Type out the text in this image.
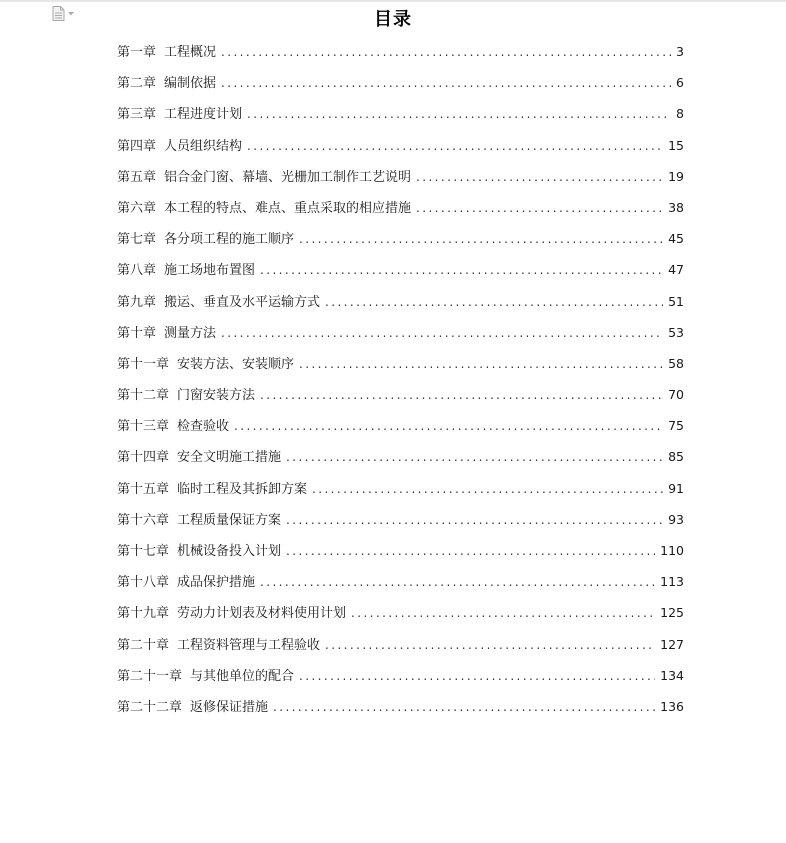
目录
第一章 工程概况 .....	3
第二章 编制依据 .....	6
第三章 工程进度计划 .....	8
第四章 人员组织结构 .....	15
第五章 铝合金门窗、幕墙、光栅加工制作工艺说明 .....	19
第六章 本工程的特点、难点、重点采取的相应措施 .....	38
第七章 各分项工程的施工顺序 .....	45
第八章 施工场地布置图 .....	47
第九章 搬运、垂直及水平运输方式 .....	51
第十章 测量方法 .....	53
第十一章 安装方法、安装顺序 .....	58
第十二章 门窗安装方法 .....	70
第十三章 检查验收 .....	75
第十四章 安全文明施工措施 .....	85
第十五章 临时工程及其拆卸方案 .....	91
第十六章 工程质量保证方案 .....	93
第十七章 机械设备投入计划 .....	110
第十八章 成品保护措施 .....	113
第十九章 劳动力计划表及材料使用计划 .....	125
第二十章 工程资料管理与工程验收 .....	127
第二十一章 与其他单位的配合 .....	134
第二十二章 返修保证措施 .....	136
